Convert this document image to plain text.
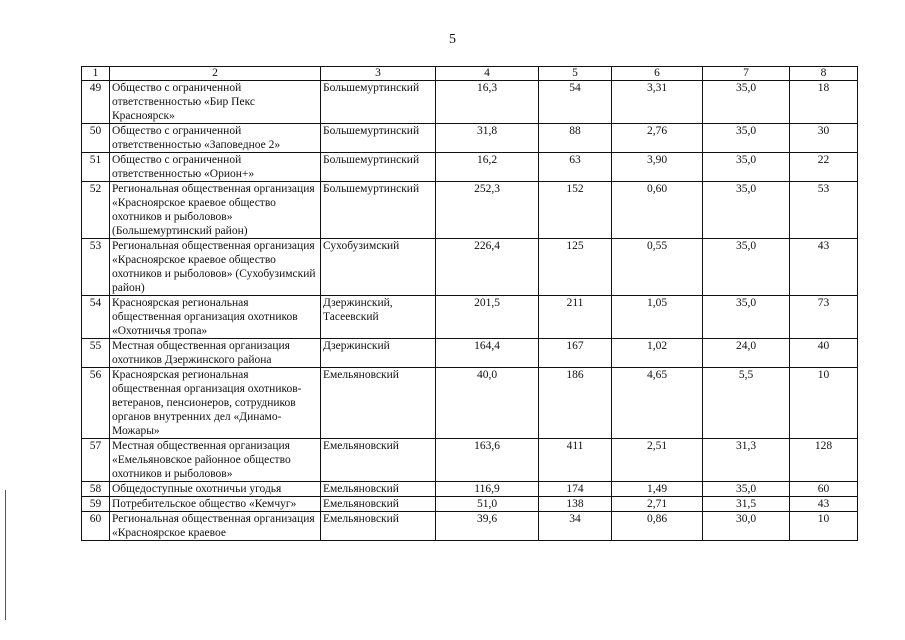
5
1	2	3	4	5	6	7	8
49	Общество с ограниченной ответственностью «Бир Пекс Красноярск»	Большемуртинский	16,3	54	3,31	35,0	18
50	Общество с ограниченной ответственностью «Заповедное 2»	Большемуртинский	31,8	88	2,76	35,0	30
51	Общество с ограниченной ответственностью «Орион+»	Большемуртинский	16,2	63	3,90	35,0	22
52	Региональная общественная организация «Красноярское краевое общество охотников и рыболовов» (Большемуртинский район)	Большемуртинский	252,3	152	0,60	35,0	53
53	Региональная общественная организация «Красноярское краевое общество охотников и рыболовов» (Сухобузимский район)	Сухобузимский	226,4	125	0,55	35,0	43
54	Красноярская региональная общественная организация охотников «Охотничья тропа»	Дзержинский, Тасеевский	201,5	211	1,05	35,0	73
55	Местная общественная организация охотников Дзержинского района	Дзержинский	164,4	167	1,02	24,0	40
56	Красноярская региональная общественная организация охотников-ветеранов, пенсионеров, сотрудников органов внутренних дел «Динамо-Можары»	Емельяновский	40,0	186	4,65	5,5	10
57	Местная общественная организация «Емельяновское районное общество охотников и рыболовов»	Емельяновский	163,6	411	2,51	31,3	128
58	Общедоступные охотничьи угодья	Емельяновский	116,9	174	1,49	35,0	60
59	Потребительское общество «Кемчуг»	Емельяновский	51,0	138	2,71	31,5	43
60	Региональная общественная организация «Красноярское краевое	Емельяновский	39,6	34	0,86	30,0	10
